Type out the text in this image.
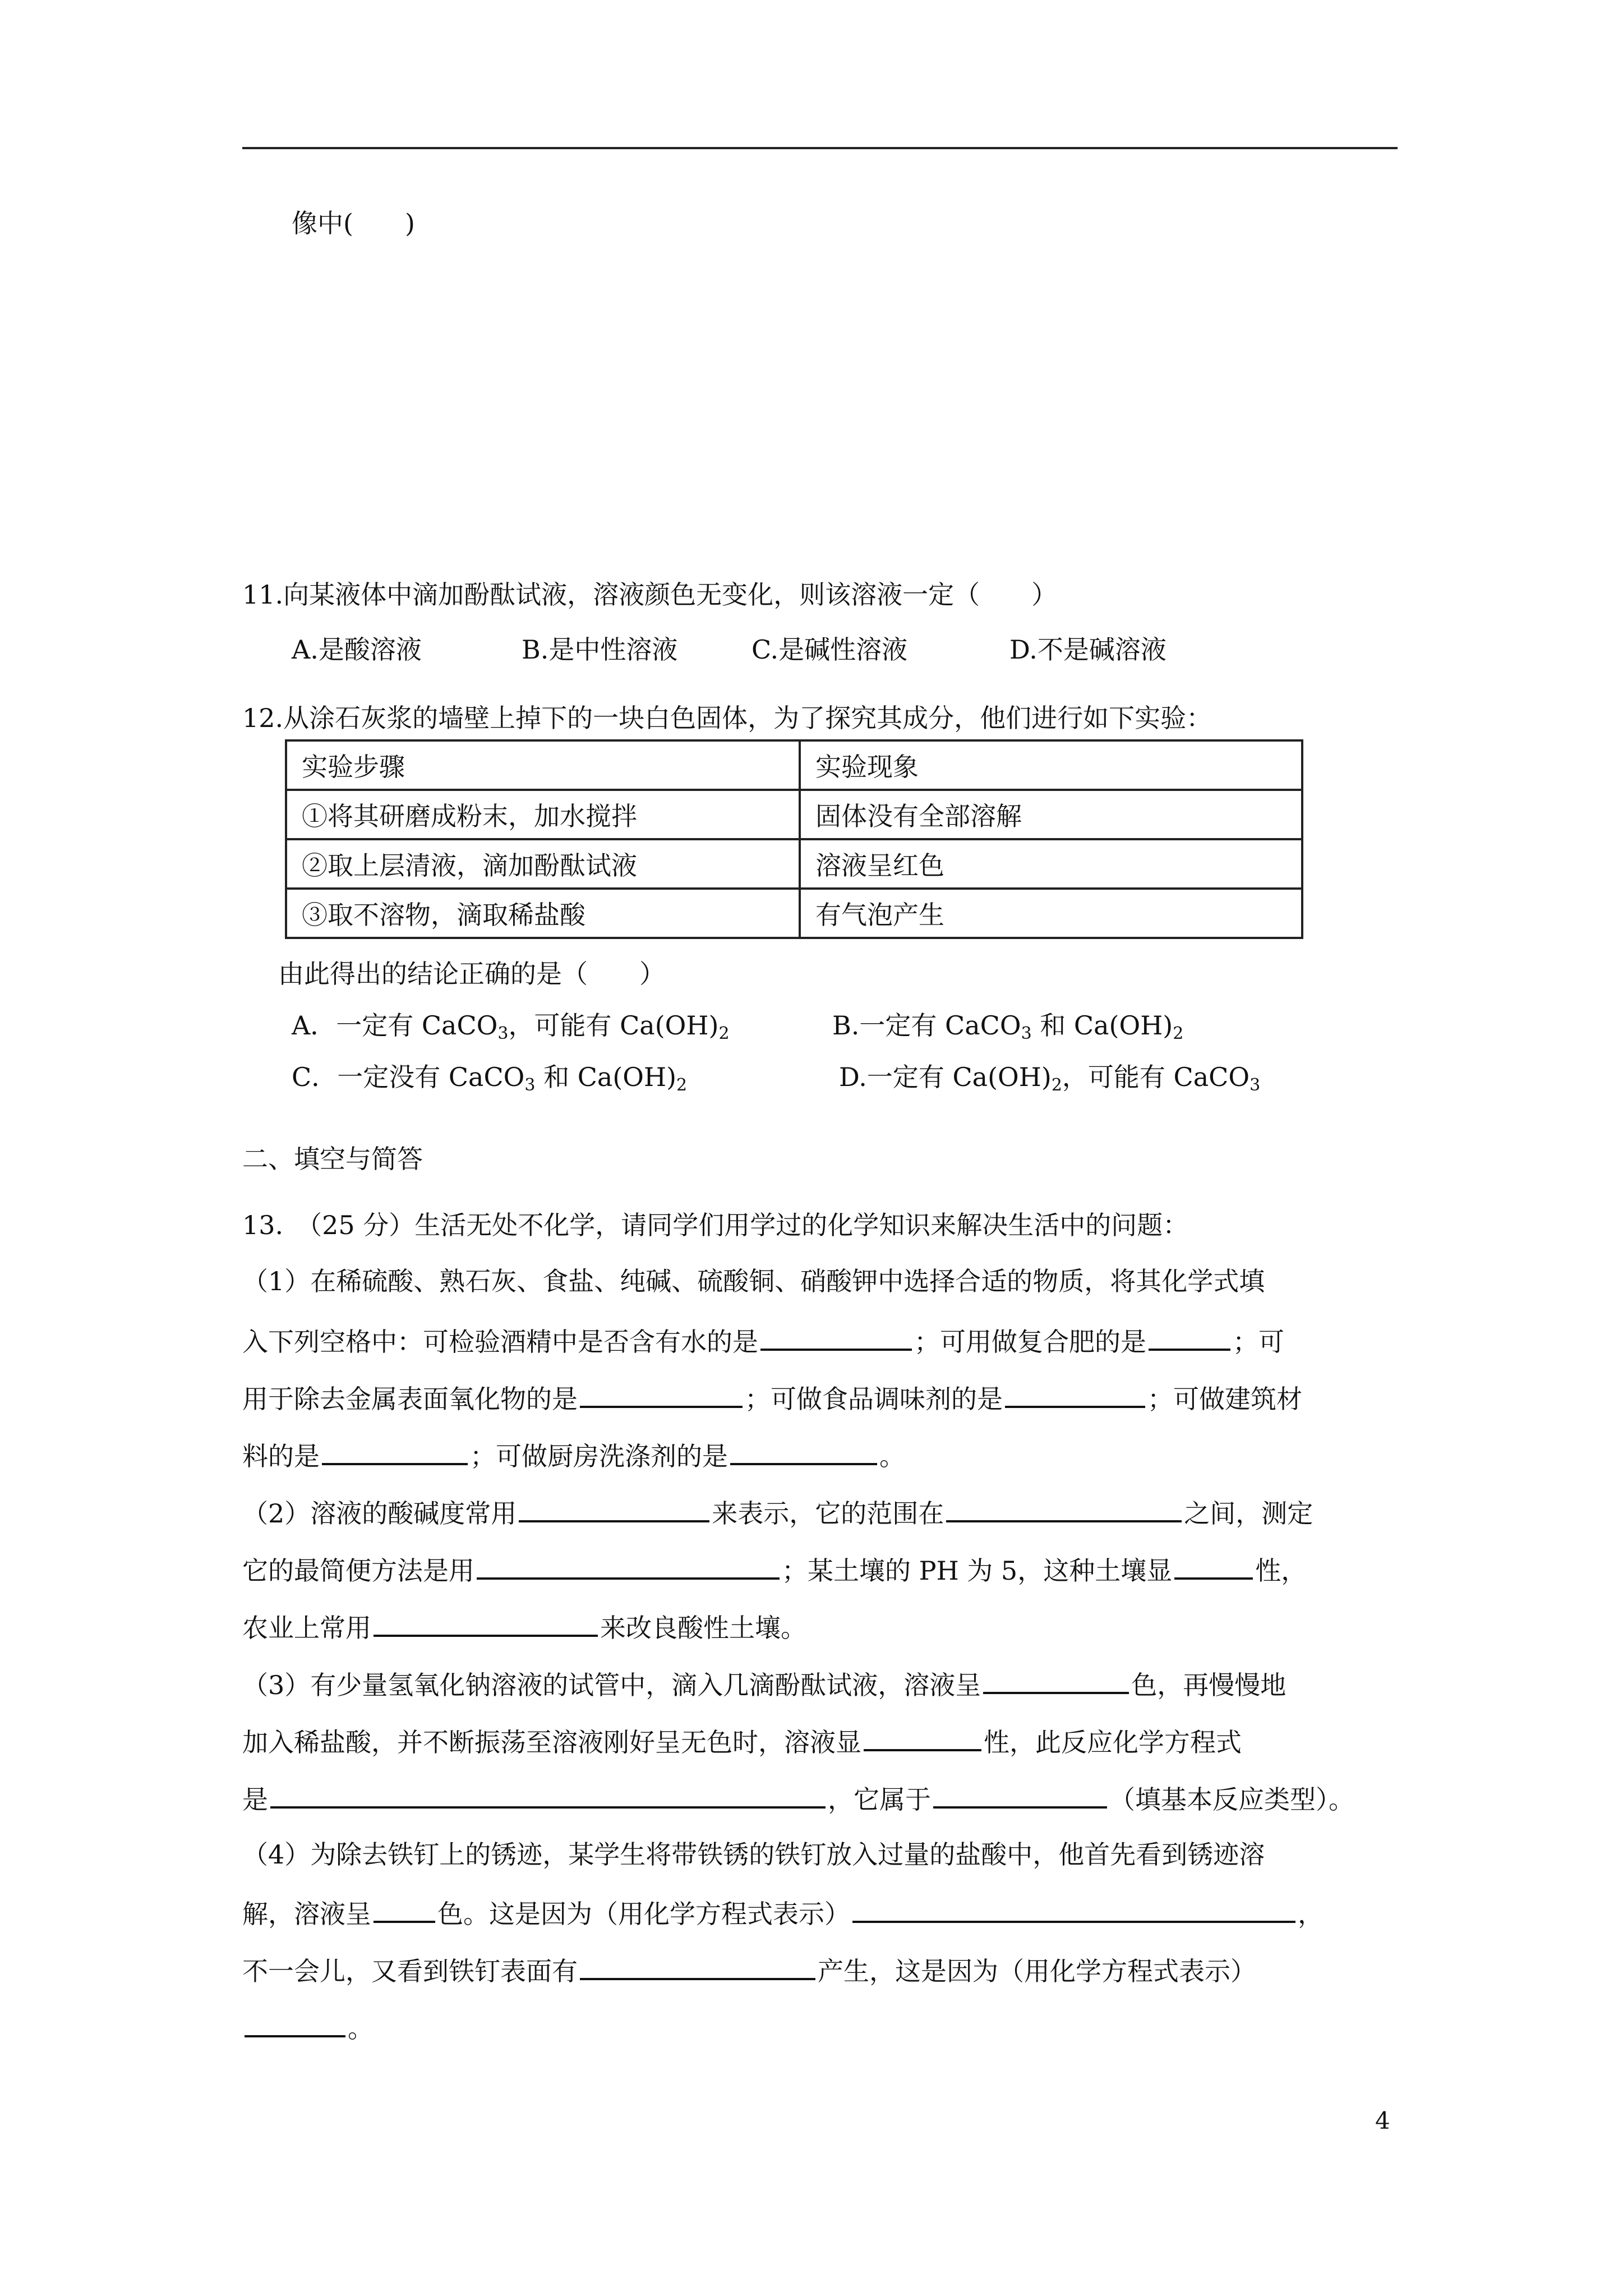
像中(　　)
11.向某液体中滴加酚酞试液，溶液颜色无变化，则该溶液一定（　　）
A.是酸溶液	B.是中性溶液	C.是碱性溶液	D.不是碱溶液
12.从涂石灰浆的墙壁上掉下的一块白色固体，为了探究其成分，他们进行如下实验：
实验步骤	实验现象
①将其研磨成粉末，加水搅拌	固体没有全部溶解
②取上层清液，滴加酚酞试液	溶液呈红色
③取不溶物，滴取稀盐酸	有气泡产生
由此得出的结论正确的是（　　）
A．一定有 CaCO$_3$，可能有 $Ca(OH)_2$	B.一定有 CaCO$_3$ 和 $Ca(OH)_2$
C．一定没有 CaCO$_3$ 和 $Ca(OH)_2$	D.一定有 $Ca(OH)_2$，可能有 CaCO$_3$
二、填空与简答
13.　（25 分）生活无处不化学，请同学们用学过的化学知识来解决生活中的问题：
（1）在稀硫酸、熟石灰、食盐、纯碱、硫酸铜、硝酸钾中选择合适的物质，将其化学式填
入下列空格中：可检验酒精中是否含有水的是	；可用做复合肥的是	；可
用于除去金属表面氧化物的是	；可做食品调味剂的是	；可做建筑材
料的是	；可做厨房洗涤剂的是	。
（2）溶液的酸碱度常用	来表示，它的范围在	之间，测定
它的最简便方法是用	；某土壤的 PH 为 5，这种土壤显	性，
农业上常用	来改良酸性土壤。
（3）有少量氢氧化钠溶液的试管中，滴入几滴酚酞试液，溶液呈	色，再慢慢地
加入稀盐酸，并不断振荡至溶液刚好呈无色时，溶液显	性，此反应化学方程式
是	，它属于	（填基本反应类型）。
（4）为除去铁钉上的锈迹，某学生将带铁锈的铁钉放入过量的盐酸中，他首先看到锈迹溶
解，溶液呈	色。这是因为（用化学方程式表示）	，
不一会儿，又看到铁钉表面有	产生，这是因为（用化学方程式表示）
。
4
